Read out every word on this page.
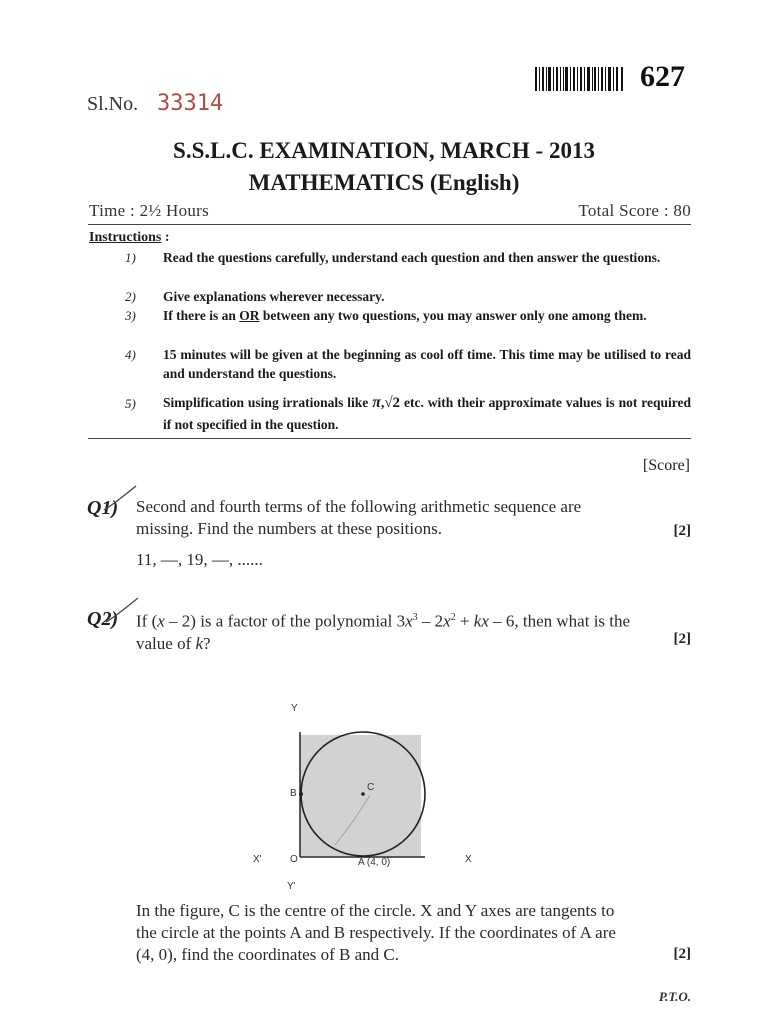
627
Sl.No. 33314
S.S.L.C. EXAMINATION, MARCH - 2013
MATHEMATICS (English)
Time : 2½ Hours	Total Score : 80
Instructions :
1) Read the questions carefully, understand each question and then answer the questions.
2) Give explanations wherever necessary.
3) If there is an OR between any two questions, you may answer only one among them.
4) 15 minutes will be given at the beginning as cool off time. This time may be utilised to read and understand the questions.
5) Simplification using irrationals like π,√2 etc. with their approximate values is not required if not specified in the question.
[Score]
Q1) Second and fourth terms of the following arithmetic sequence are missing. Find the numbers at these positions.	[2]
11, —, 19, —, ......
Q2) If (x – 2) is a factor of the polynomial $3x^3 - 2x^2$ + kx – 6, then what is the value of k?	[2]
Y
Y'
X
X'	O	A (4, 0)
B
C
In the figure, C is the centre of the circle. X and Y axes are tangents to the circle at the points A and B respectively. If the coordinates of A are (4, 0), find the coordinates of B and C.	[2]
P.T.O.
